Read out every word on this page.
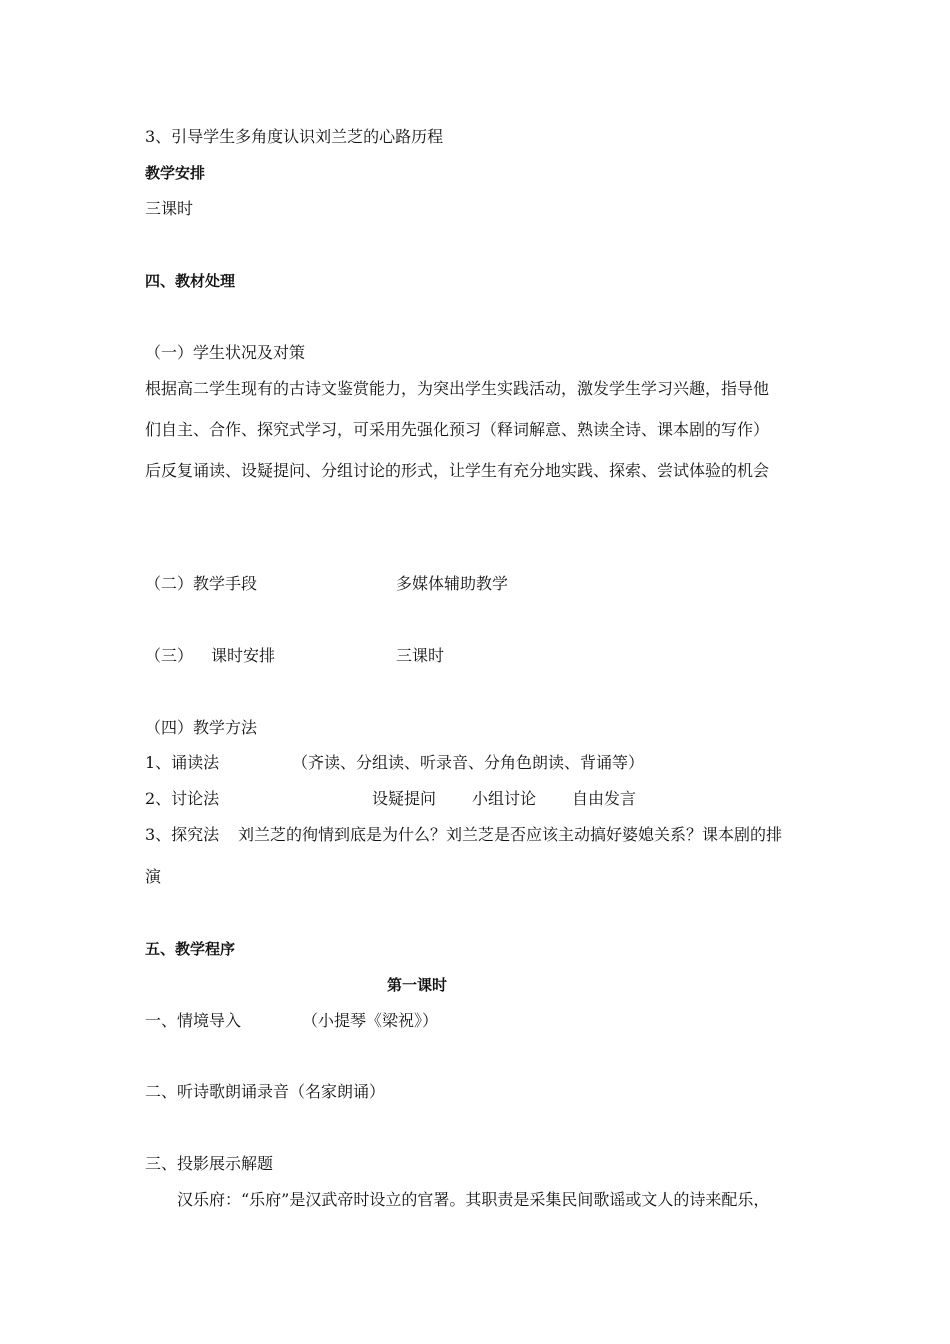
3、引导学生多角度认识刘兰芝的心路历程
教学安排
三课时
四、教材处理
（一）学生状况及对策
根据高二学生现有的古诗文鉴赏能力，为突出学生实践活动，激发学生学习兴趣，指导他
们自主、合作、探究式学习，可采用先强化预习（释词解意、熟读全诗、课本剧的写作）
后反复诵读、设疑提问、分组讨论的形式，让学生有充分地实践、探索、尝试体验的机会
（二）教学手段	多媒体辅助教学
（三） 课时安排	三课时
（四）教学方法
1、诵读法	（齐读、分组读、听录音、分角色朗读、背诵等）
2、讨论法	设疑提问 小组讨论 自由发言
3、探究法 刘兰芝的徇情到底是为什么？刘兰芝是否应该主动搞好婆媳关系？课本剧的排
演
五、教学程序
第一课时
一、情境导入	（小提琴《梁祝》）
二、听诗歌朗诵录音（名家朗诵）
三、投影展示解题
汉乐府：“乐府”是汉武帝时设立的官署。其职责是采集民间歌谣或文人的诗来配乐，
